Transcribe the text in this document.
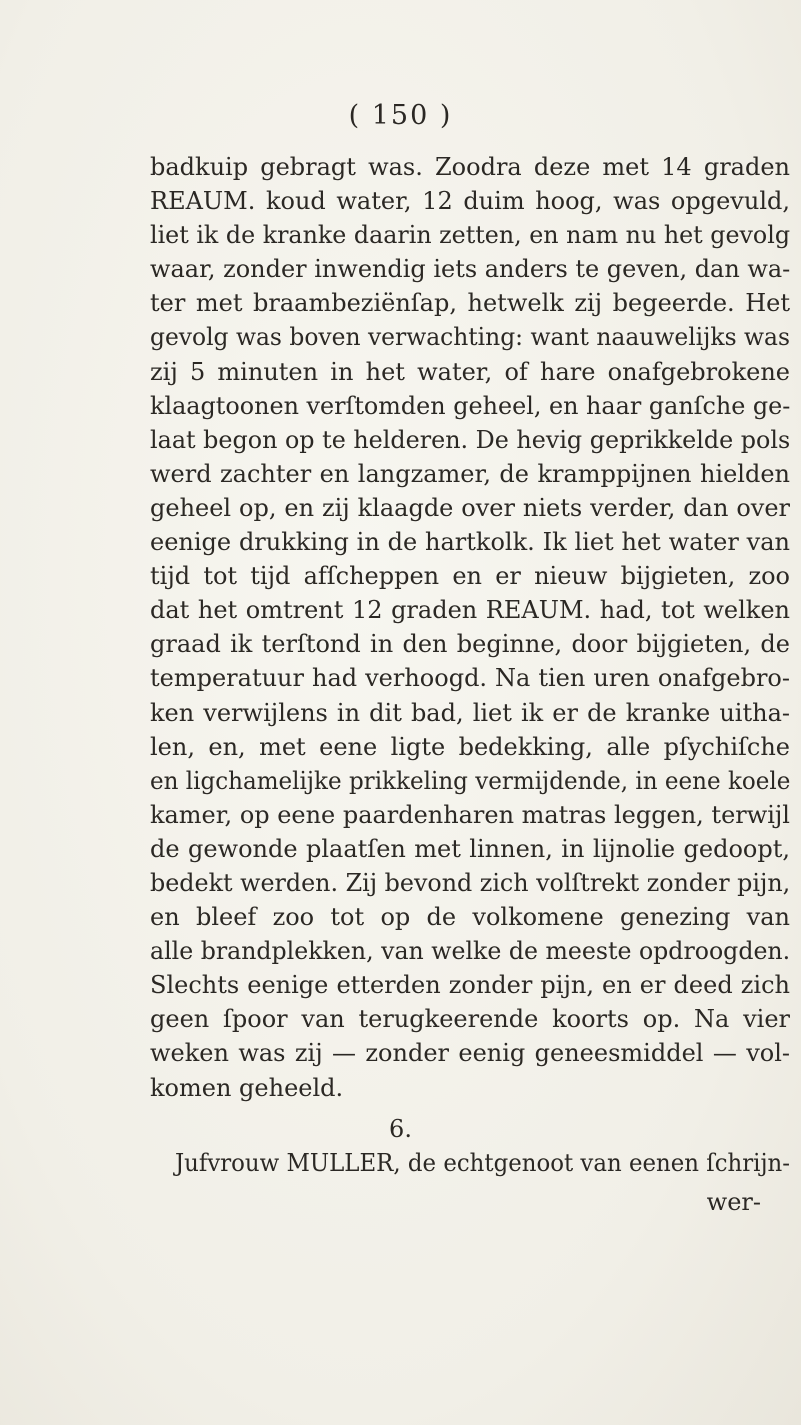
( 150 )
badkuip gebragt was. Zoodra deze met 14 graden
REAUM. koud water, 12 duim hoog, was opgevuld,
liet ik de kranke daarin zetten, en nam nu het gevolg
waar, zonder inwendig iets anders te geven, dan wa-
ter met braambeziënſap, hetwelk zij begeerde. Het
gevolg was boven verwachting: want naauwelijks was
zij 5 minuten in het water, of hare onafgebrokene
klaagtoonen verſtomden geheel, en haar ganſche ge-
laat begon op te helderen. De hevig geprikkelde pols
werd zachter en langzamer, de kramppijnen hielden
geheel op, en zij klaagde over niets verder, dan over
eenige drukking in de hartkolk. Ik liet het water van
tijd tot tijd afſcheppen en er nieuw bijgieten, zoo
dat het omtrent 12 graden REAUM. had, tot welken
graad ik terſtond in den beginne, door bijgieten, de
temperatuur had verhoogd. Na tien uren onafgebro-
ken verwijlens in dit bad, liet ik er de kranke uitha-
len, en, met eene ligte bedekking, alle pſychiſche
en ligchamelijke prikkeling vermijdende, in eene koele
kamer, op eene paardenharen matras leggen, terwijl
de gewonde plaatſen met linnen, in lijnolie gedoopt,
bedekt werden. Zij bevond zich volſtrekt zonder pijn,
en bleef zoo tot op de volkomene genezing van
alle brandplekken, van welke de meeste opdroogden.
Slechts eenige etterden zonder pijn, en er deed zich
geen ſpoor van terugkeerende koorts op. Na vier
weken was zij — zonder eenig geneesmiddel — vol-
komen geheeld.
6.
Jufvrouw MULLER, de echtgenoot van eenen ſchrijn-
wer-
